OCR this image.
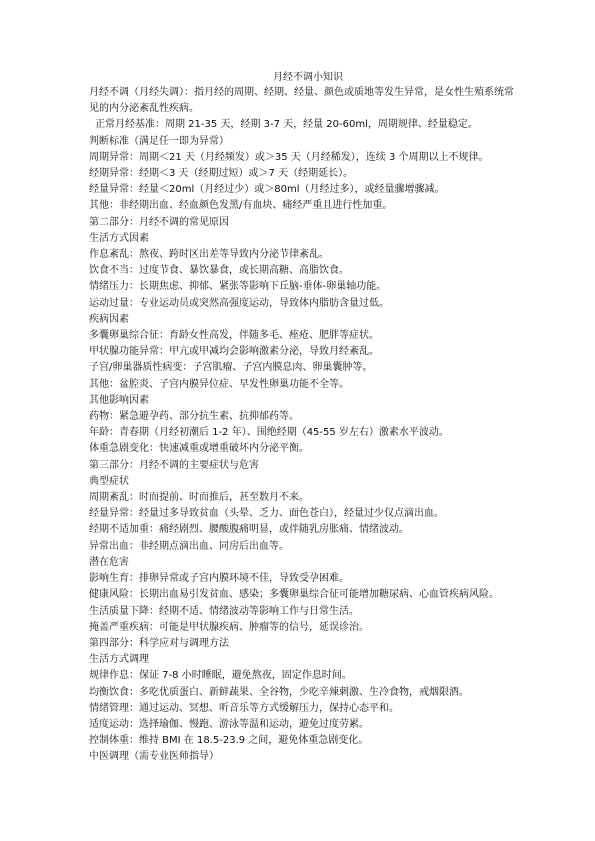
月经不调小知识
月经不调（月经失调）：指月经的周期、经期、经量、颜色或质地等发生异常，是女性生殖系统常见的内分泌紊乱性疾病。
正常月经基准：周期 21-35 天，经期 3-7 天，经量 20-60ml，周期规律、经量稳定。
判断标准（满足任一即为异常）
周期异常：周期＜21 天（月经频发）或＞35 天（月经稀发），连续 3 个周期以上不规律。
经期异常：经期＜3 天（经期过短）或＞7 天（经期延长）。
经量异常：经量＜20ml（月经过少）或＞80ml（月经过多），或经量骤增骤减。
其他：非经期出血、经血颜色发黑/有血块、痛经严重且进行性加重。
第二部分：月经不调的常见原因
生活方式因素
作息紊乱：熬夜、跨时区出差等导致内分泌节律紊乱。
饮食不当：过度节食、暴饮暴食，或长期高糖、高脂饮食。
情绪压力：长期焦虑、抑郁、紧张等影响下丘脑-垂体-卵巢轴功能。
运动过量：专业运动员或突然高强度运动，导致体内脂肪含量过低。
疾病因素
多囊卵巢综合征：育龄女性高发，伴随多毛、痤疮、肥胖等症状。
甲状腺功能异常：甲亢或甲减均会影响激素分泌，导致月经紊乱。
子宫/卵巢器质性病变：子宫肌瘤、子宫内膜息肉、卵巢囊肿等。
其他：盆腔炎、子宫内膜异位症、早发性卵巢功能不全等。
其他影响因素
药物：紧急避孕药、部分抗生素、抗抑郁药等。
年龄：青春期（月经初潮后 1-2 年）、围绝经期（45-55 岁左右）激素水平波动。
体重急剧变化：快速减重或增重破坏内分泌平衡。
第三部分：月经不调的主要症状与危害
典型症状
周期紊乱：时而提前、时而推后，甚至数月不来。
经量异常：经量过多导致贫血（头晕、乏力、面色苍白），经量过少仅点滴出血。
经期不适加重：痛经剧烈、腰酸腹痛明显，或伴随乳房胀痛、情绪波动。
异常出血：非经期点滴出血、同房后出血等。
潜在危害
影响生育：排卵异常或子宫内膜环境不佳，导致受孕困难。
健康风险：长期出血易引发贫血、感染；多囊卵巢综合征可能增加糖尿病、心血管疾病风险。
生活质量下降：经期不适、情绪波动等影响工作与日常生活。
掩盖严重疾病：可能是甲状腺疾病、肿瘤等的信号，延误诊治。
第四部分：科学应对与调理方法
生活方式调理
规律作息：保证 7-8 小时睡眠，避免熬夜，固定作息时间。
均衡饮食：多吃优质蛋白、新鲜蔬果、全谷物，少吃辛辣刺激、生冷食物，戒烟限酒。
情绪管理：通过运动、冥想、听音乐等方式缓解压力，保持心态平和。
适度运动：选择瑜伽、慢跑、游泳等温和运动，避免过度劳累。
控制体重：维持 BMI 在 18.5-23.9 之间，避免体重急剧变化。
中医调理（需专业医师指导）
